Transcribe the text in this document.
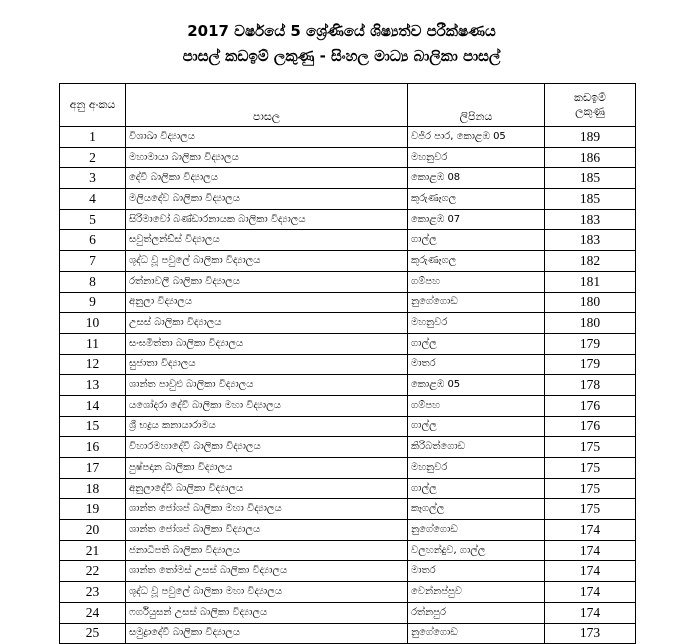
2017 වර්ෂයේ 5 ශ්‍රේණියේ ශිෂ්‍යත්ව පරීක්ෂණය
පාසල් කඩඉම් ලකුණු - සිංහල මාධ්‍ය බාලිකා පාසල්
අනු අංකය	පාසල	ලිපිනය	කඩඉම්
ලකුණු

1	විශාඛා විද්‍යාලය	වජිර පාර, කොළඹ 05	189
2	මහාමායා බාලිකා විද්‍යාලය	මහනුවර	186
3	දේවී බාලිකා විද්‍යාලය	කොළඹ 08	185
4	මලියදේව බාලිකා විද්‍යාලය	කුරුණෑගල	185
5	සිරිමාවෝ බණ්ඩාරනායක බාලිකා විද්‍යාලය	කොළඹ 07	183
6	සවුත්ලන්ඩ්ස් විද්‍යාලය	ගාල්ල	183
7	ශුද්ධ වූ පවුලේ බාලිකා විද්‍යාලය	කුරුණෑගල	182
8	රත්නාවලී බාලිකා විද්‍යාලය	ගම්පහ	181
9	අනුලා විද්‍යාලය	නුගේගොඩ	180
10	උසස් බාලිකා විද්‍යාලය	මහනුවර	180
11	සංඝමිත්තා බාලිකා විද්‍යාලය	ගාල්ල	179
12	සුජාතා විද්‍යාලය	මාතර	179
13	ශාන්ත පාවුළු බාලිකා විද්‍යාලය	කොළඹ 05	178
14	යශෝදරා දේවී බාලිකා මහා විද්‍යාලය	ගම්පහ	176
15	ශ්‍රී භද්‍රය කනායාරාමය	ගාල්ල	176
16	විහාරමහාදේවී බාලිකා විද්‍යාලය	කිරිබත්ගොඩ	175
17	පුෂ්පදාන බාලිකා විද්‍යාලය	මහනුවර	175
18	අනුලාදේවී බාලිකා විද්‍යාලය	ගාල්ල	175
19	ශාන්ත ජෝශප් බාලිකා මහා විද්‍යාලය	කෑගල්ල	175
20	ශාන්ත ජෝශප් බාලිකා විද්‍යාලය	නුගේගොඩ	174
21	ජනාධිපති බාලිකා විද්‍යාලය	වලහන්දුව, ගාල්ල	174
22	ශාන්ත තෝමස් උසස් බාලිකා විද්‍යාලය	මාතර	174
23	ශුද්ධ වූ පවුලේ බාලිකා මහා විද්‍යාලය	වෙන්නප්පුව	174
24	ෆර්ගියුසන් උසස් බාලිකා විද්‍යාලය	රත්නපුර	174
25	සමුද්‍රාදේවී බාලිකා විද්‍යාලය	නුගේගොඩ	173
